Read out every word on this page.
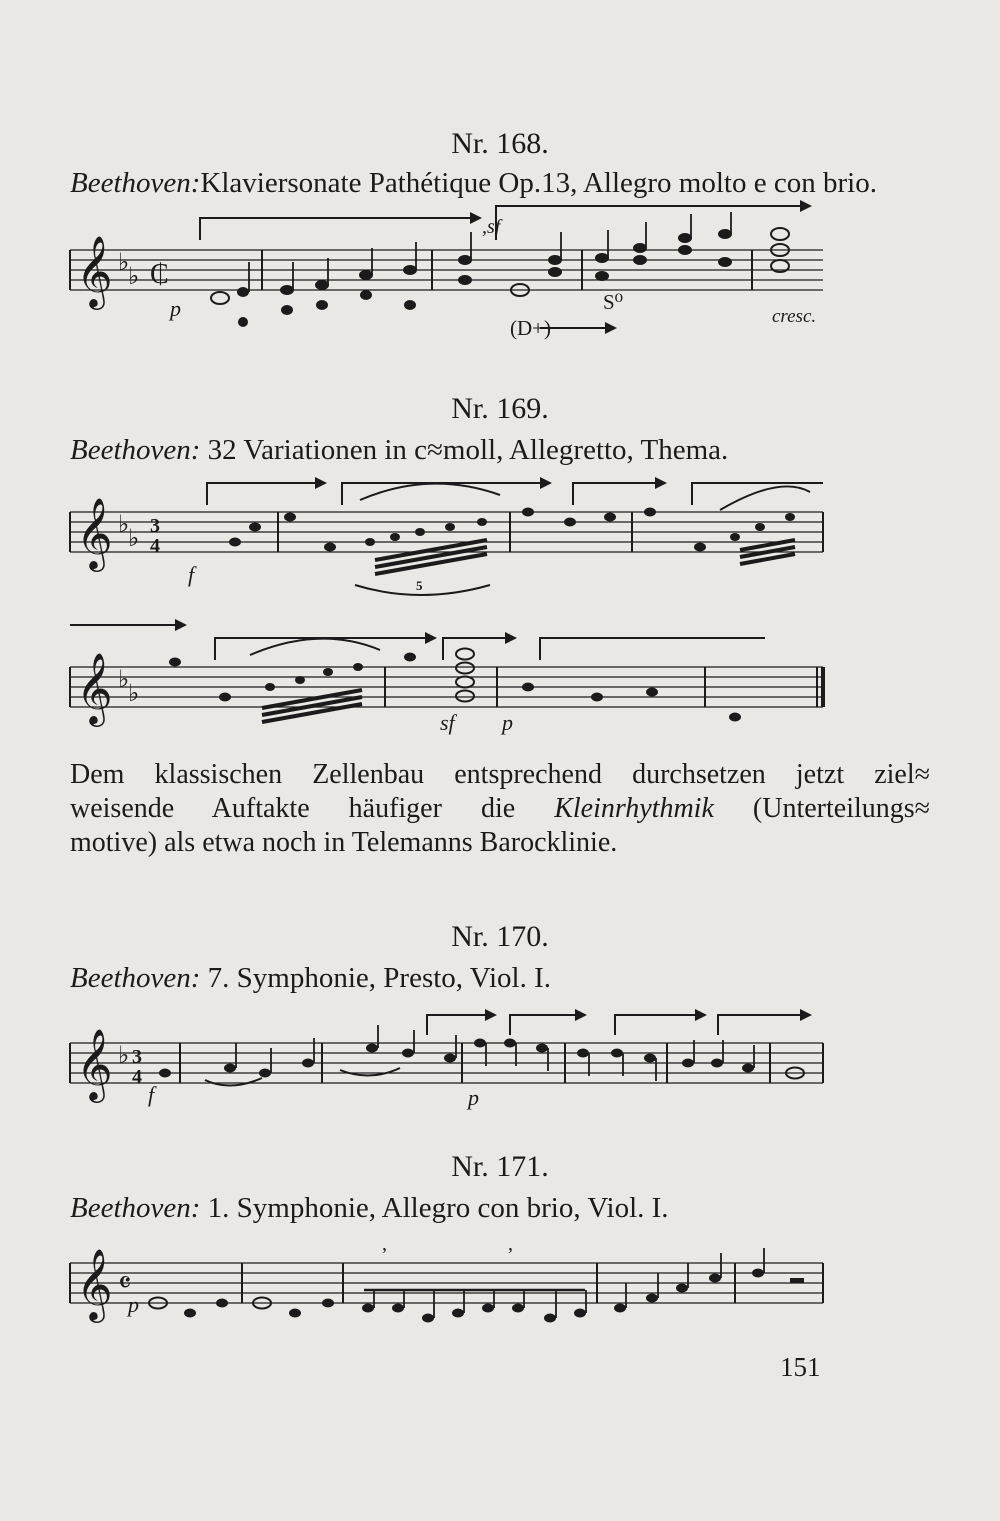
Nr. 168.
Beethoven:Klaviersonate Pathétique Op.13, Allegro molto e con brio.
𝄞 ♭
♭ ₵
𝄞 ♭
♭ 3
4
𝄞 ♭
♭
𝄞 ♭ 3
4
𝄞 𝄴
p
,sf
cresc.
S⁰
(D+)
Nr. 169.
Beethoven: 32 Variationen in c≈moll, Allegretto, Thema.
f	5
sf p
Dem klassischen Zellenbau entsprechend durchsetzen jetzt ziel≈
weisende Auftakte häufiger die Kleinrhythmik (Unterteilungs≈
motive) als etwa noch in Telemanns Barocklinie.
Nr. 170.
Beethoven: 7. Symphonie, Presto, Viol. I.
f	p
Nr. 171.
Beethoven: 1. Symphonie, Allegro con brio, Viol. I.
p
,	,
151
